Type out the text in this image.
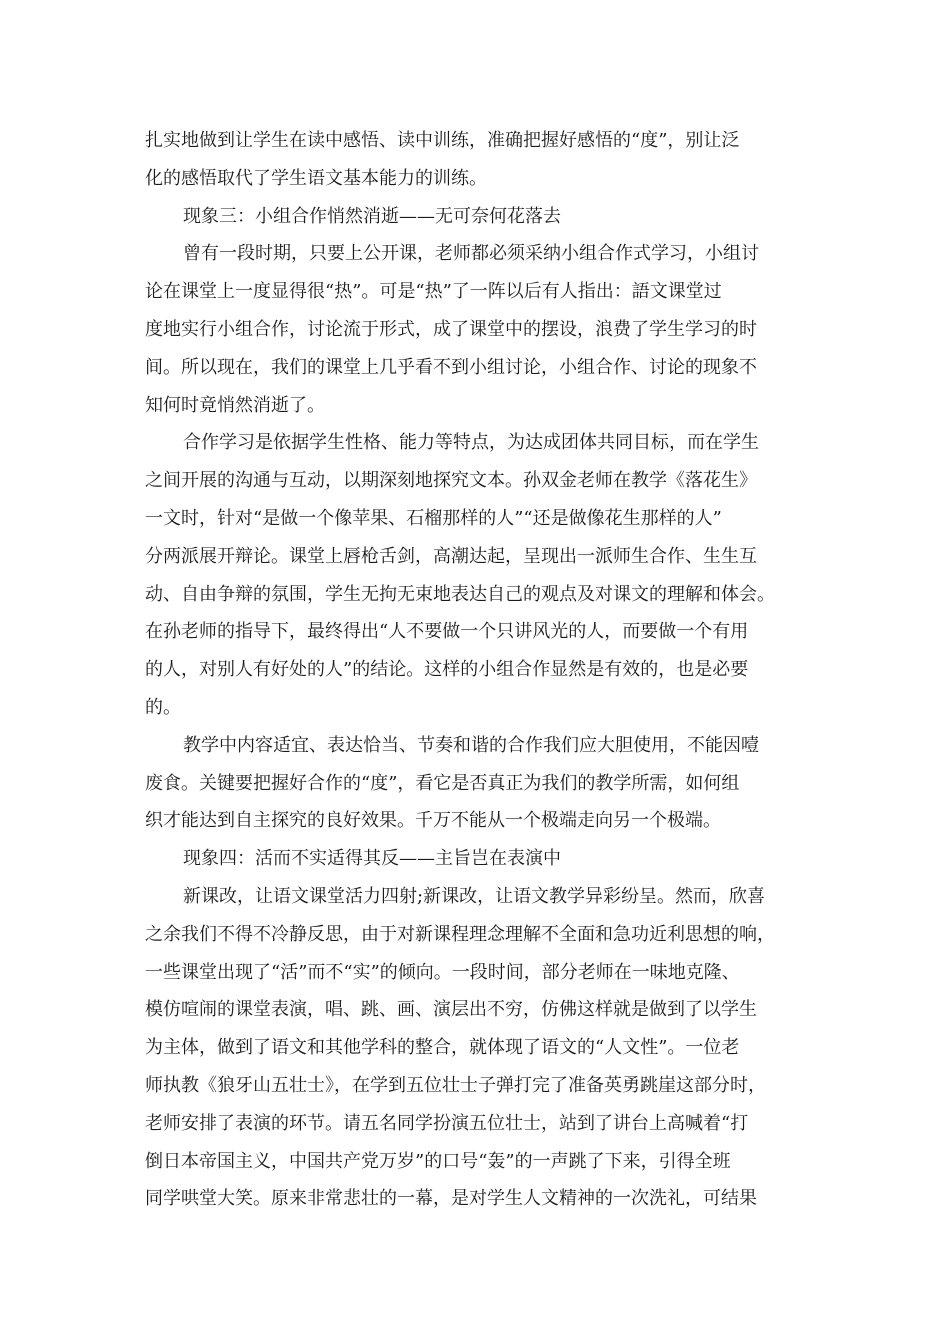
扎实地做到让学生在读中感悟、读中训练，准确把握好感悟的“度”，别让泛
化的感悟取代了学生语文基本能力的训练。
现象三：小组合作悄然消逝——无可奈何花落去
曾有一段时期，只要上公开课，老师都必须采纳小组合作式学习，小组讨
论在课堂上一度显得很“热”。可是“热”了一阵以后有人指出：語文课堂过
度地实行小组合作，讨论流于形式，成了课堂中的摆设，浪费了学生学习的时
间。所以现在，我们的课堂上几乎看不到小组讨论，小组合作、讨论的现象不
知何时竟悄然消逝了。
合作学习是依据学生性格、能力等特点，为达成团体共同目标，而在学生
之间开展的沟通与互动，以期深刻地探究文本。孙双金老师在教学《落花生》
一文时，针对“是做一个像苹果、石榴那样的人”“还是做像花生那样的人”
分两派展开辩论。课堂上唇枪舌剑，高潮达起，呈现出一派师生合作、生生互
动、自由争辩的氛围，学生无拘无束地表达自己的观点及对课文的理解和体会。
在孙老师的指导下，最终得出“人不要做一个只讲风光的人，而要做一个有用
的人，对别人有好处的人”的结论。这样的小组合作显然是有效的，也是必要
的。
教学中内容适宜、表达恰当、节奏和谐的合作我们应大胆使用，不能因噎
废食。关键要把握好合作的“度”，看它是否真正为我们的教学所需，如何组
织才能达到自主探究的良好效果。千万不能从一个极端走向另一个极端。
现象四：活而不实适得其反——主旨岂在表演中
新课改，让语文课堂活力四射;新课改，让语文教学异彩纷呈。然而，欣喜
之余我们不得不冷静反思，由于对新课程理念理解不全面和急功近利思想的响，
一些课堂出现了“活”而不“实”的倾向。一段时间，部分老师在一味地克隆、
模仿喧闹的课堂表演，唱、跳、画、演层出不穷，仿佛这样就是做到了以学生
为主体，做到了语文和其他学科的整合，就体现了语文的“人文性”。一位老
师执教《狼牙山五壮士》，在学到五位壮士子弹打完了准备英勇跳崖这部分时，
老师安排了表演的环节。请五名同学扮演五位壮士，站到了讲台上高喊着“打
倒日本帝国主义，中国共产党万岁”的口号“轰”的一声跳了下来，引得全班
同学哄堂大笑。原来非常悲壮的一幕，是对学生人文精神的一次洗礼，可结果
